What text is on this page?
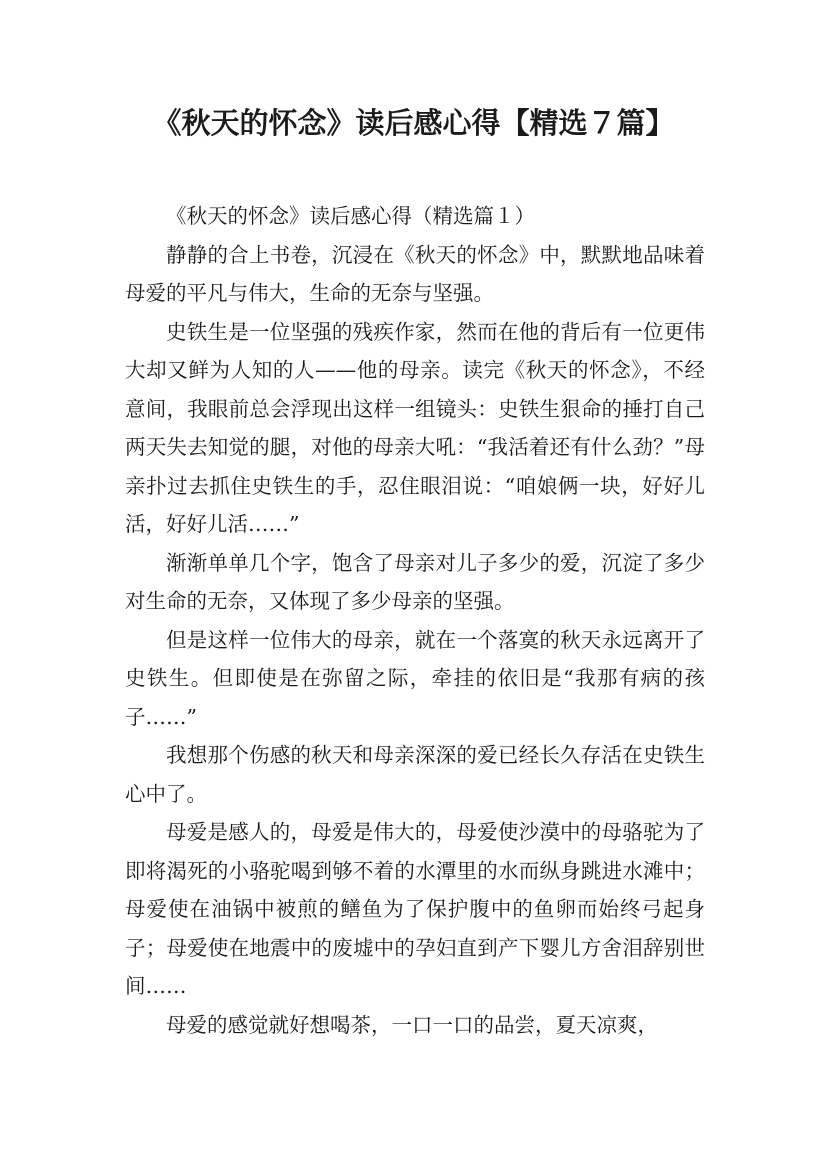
《秋天的怀念》读后感心得【精选７篇】

《秋天的怀念》读后感心得（精选篇１）

静静的合上书卷，沉浸在《秋天的怀念》中，默默地品味着母爱的平凡与伟大，生命的无奈与坚强。

史铁生是一位坚强的残疾作家，然而在他的背后有一位更伟大却又鲜为人知的人——他的母亲。读完《秋天的怀念》，不经意间，我眼前总会浮现出这样一组镜头：史铁生狠命的捶打自己两天失去知觉的腿，对他的母亲大吼：“我活着还有什么劲？”母亲扑过去抓住史铁生的手，忍住眼泪说：“咱娘俩一块，好好儿活，好好儿活……”

渐渐单单几个字，饱含了母亲对儿子多少的爱，沉淀了多少对生命的无奈，又体现了多少母亲的坚强。

但是这样一位伟大的母亲，就在一个落寞的秋天永远离开了史铁生。但即使是在弥留之际，牵挂的依旧是“我那有病的孩子……”

我想那个伤感的秋天和母亲深深的爱已经长久存活在史铁生心中了。

母爱是感人的，母爱是伟大的，母爱使沙漠中的母骆驼为了即将渴死的小骆驼喝到够不着的水潭里的水而纵身跳进水滩中；母爱使在油锅中被煎的鳝鱼为了保护腹中的鱼卵而始终弓起身子；母爱使在地震中的废墟中的孕妇直到产下婴儿方舍泪辞别世间……

母爱的感觉就好想喝茶，一口一口的品尝，夏天凉爽，
